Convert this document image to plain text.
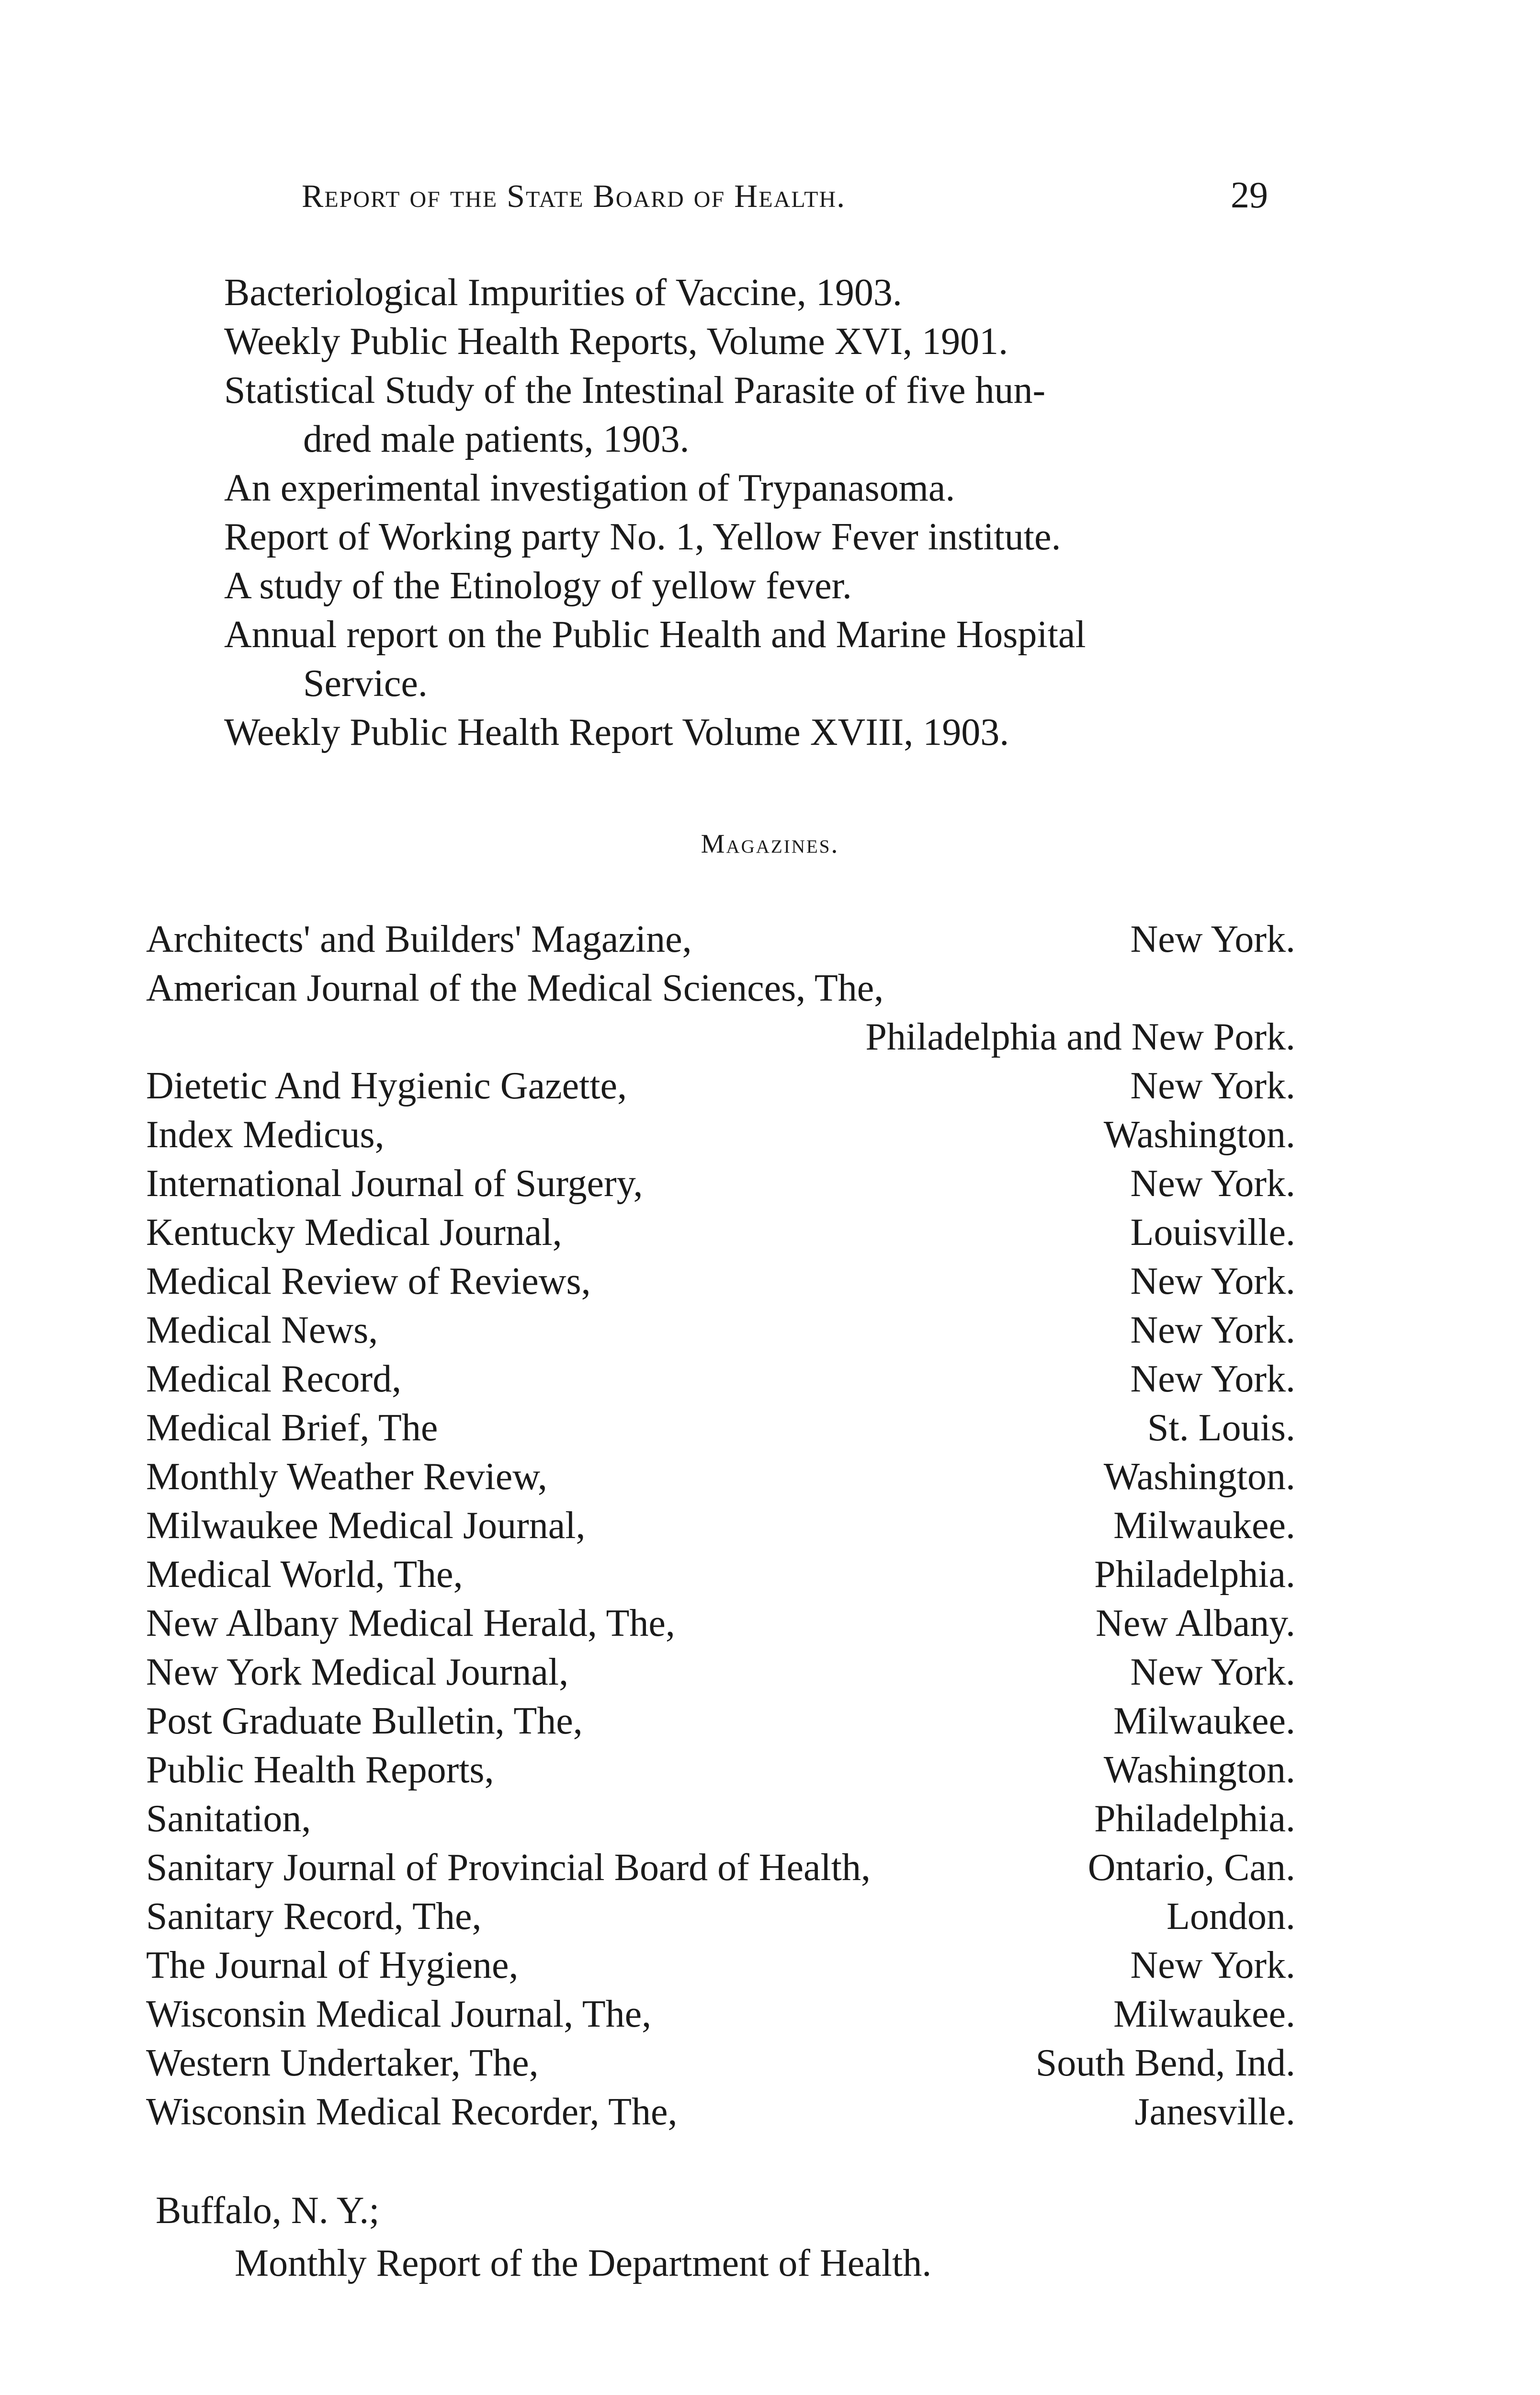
Report of the State Board of Health.	29
Bacteriological Impurities of Vaccine, 1903.
Weekly Public Health Reports, Volume XVI, 1901.
Statistical Study of the Intestinal Parasite of five hun-
dred male patients, 1903.
An experimental investigation of Trypanasoma.
Report of Working party No. 1, Yellow Fever institute.
A study of the Etinology of yellow fever.
Annual report on the Public Health and Marine Hospital
Service.
Weekly Public Health Report Volume XVIII, 1903.
Magazines.
Architects' and Builders' Magazine,	New York.
American Journal of the Medical Sciences, The,
Philadelphia and New Pork.
Dietetic And Hygienic Gazette,	New York.
Index Medicus,	Washington.
International Journal of Surgery,	New York.
Kentucky Medical Journal,	Louisville.
Medical Review of Reviews,	New York.
Medical News,	New York.
Medical Record,	New York.
Medical Brief, The	St. Louis.
Monthly Weather Review,	Washington.
Milwaukee Medical Journal,	Milwaukee.
Medical World, The,	Philadelphia.
New Albany Medical Herald, The,	New Albany.
New York Medical Journal,	New York.
Post Graduate Bulletin, The,	Milwaukee.
Public Health Reports,	Washington.
Sanitation,	Philadelphia.
Sanitary Journal of Provincial Board of Health,	Ontario, Can.
Sanitary Record, The,	London.
The Journal of Hygiene,	New York.
Wisconsin Medical Journal, The,	Milwaukee.
Western Undertaker, The,	South Bend, Ind.
Wisconsin Medical Recorder, The,	Janesville.
Buffalo, N. Y.;
Monthly Report of the Department of Health.
